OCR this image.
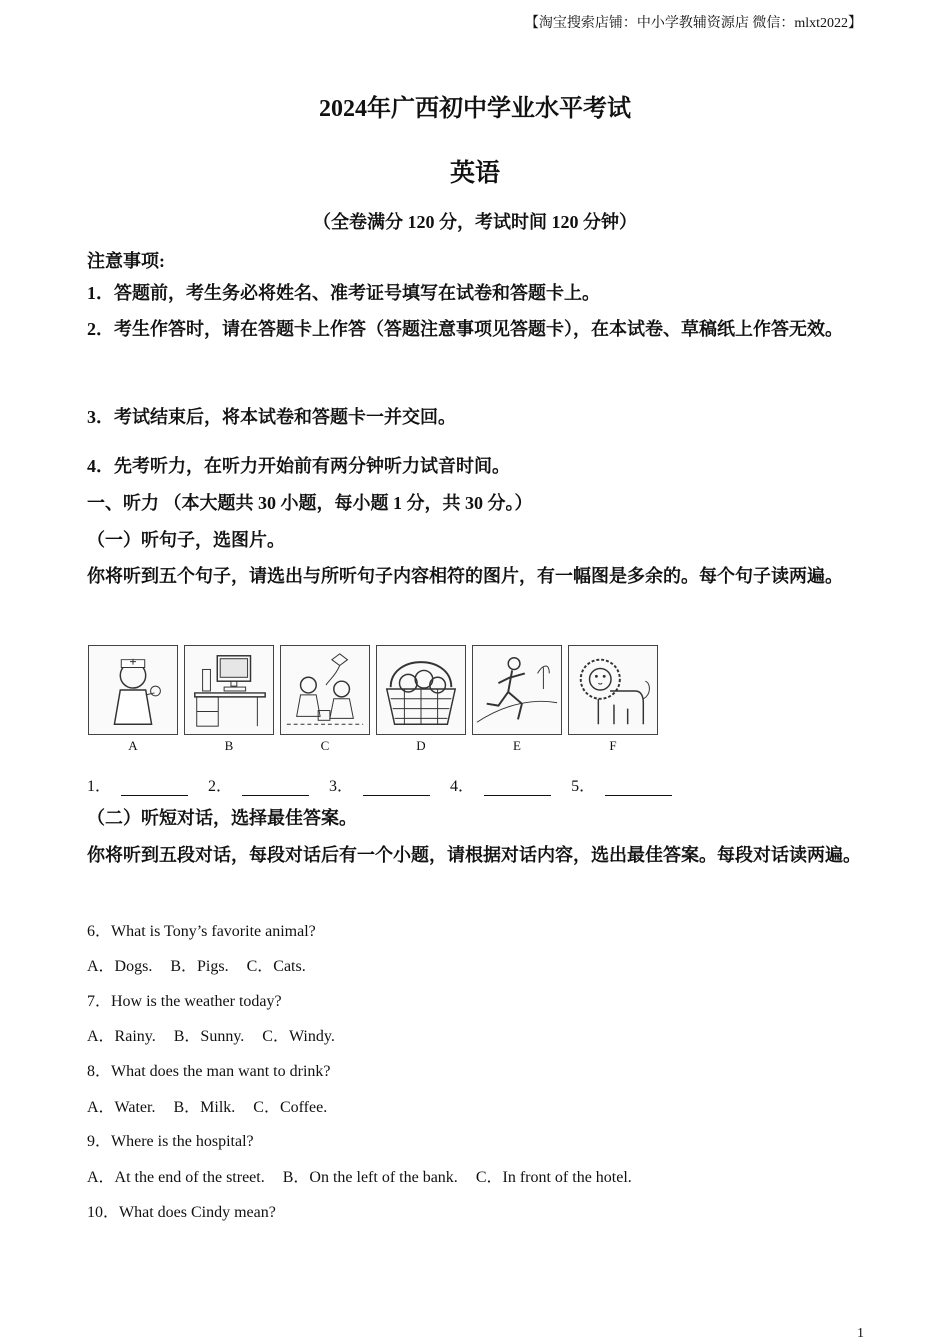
【淘宝搜索店铺：中小学教辅资源店 微信：mlxt2022】
2024年广西初中学业水平考试
英语
（全卷满分 120 分，考试时间 120 分钟）
注意事项:
1．答题前，考生务必将姓名、准考证号填写在试卷和答题卡上。
2．考生作答时，请在答题卡上作答（答题注意事项见答题卡），在本试卷、草稿纸上作答无效。
3．考试结束后，将本试卷和答题卡一并交回。
4．先考听力，在听力开始前有两分钟听力试音时间。
一、听力 （本大题共 30 小题，每小题 1 分，共 30 分。）
（一）听句子，选图片。
你将听到五个句子，请选出与所听句子内容相符的图片，有一幅图是多余的。每个句子读两遍。
A	B	C	D	E	F
1．	2．	3．	4．	5．
（二）听短对话，选择最佳答案。
你将听到五段对话，每段对话后有一个小题，请根据对话内容，选出最佳答案。每段对话读两遍。
6．What is Tony’s favorite animal?
A．Dogs. B．Pigs. C．Cats.
7．How is the weather today?
A．Rainy. B．Sunny. C．Windy.
8．What does the man want to drink?
A．Water. B．Milk. C．Coffee.
9．Where is the hospital?
A．At the end of the street. B．On the left of the bank. C．In front of the hotel.
10．What does Cindy mean?
1
